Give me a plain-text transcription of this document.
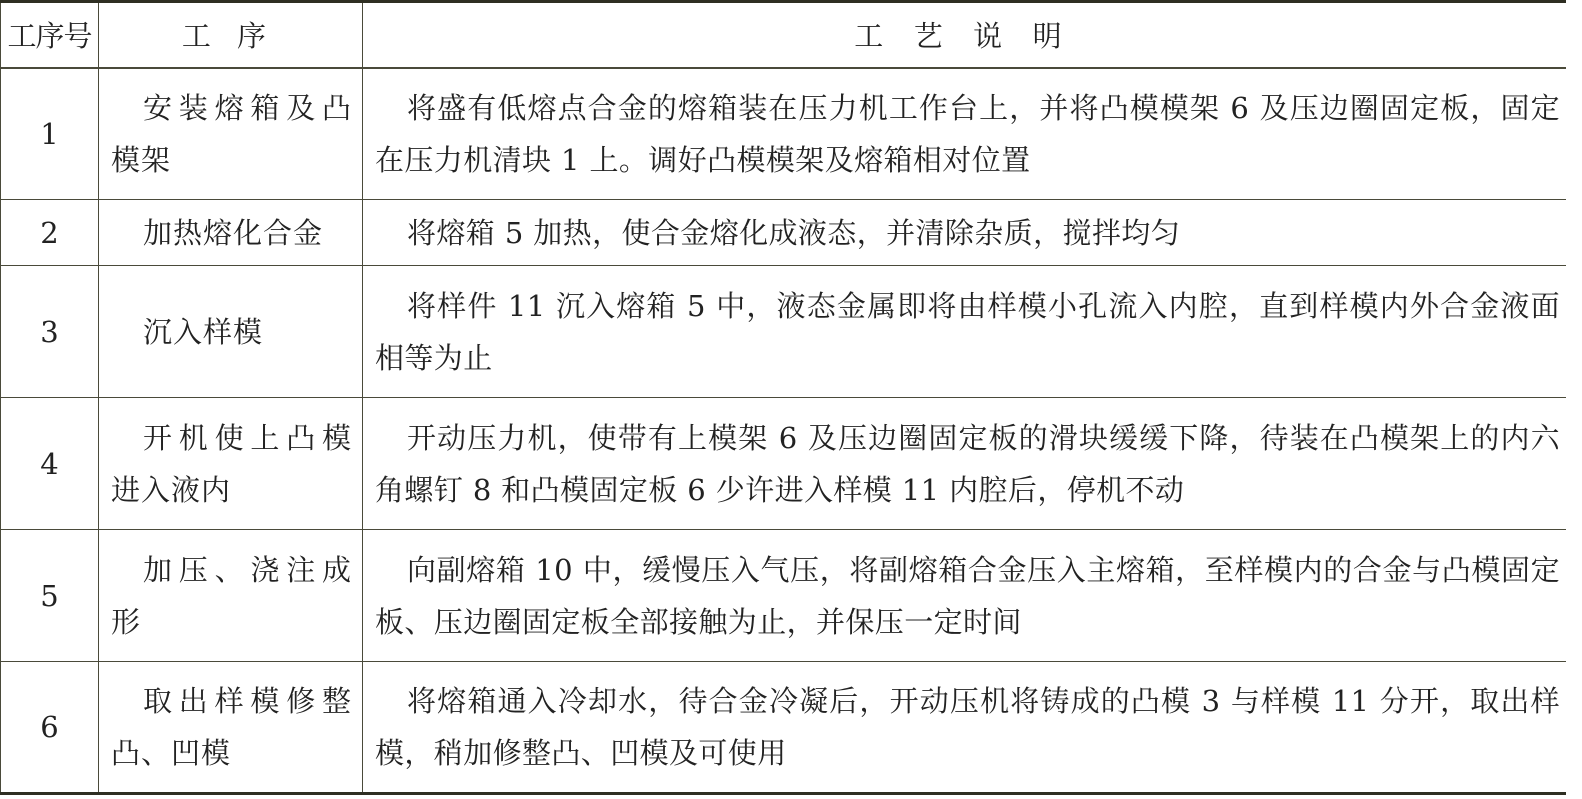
工序号	工序	工艺说明
1	安装熔箱及凸模架	将盛有低熔点合金的熔箱装在压力机工作台上，并将凸模模架 6 及压边圈固定板，固定在压力机清块 1 上。调好凸模模架及熔箱相对位置
2	加热熔化合金	将熔箱 5 加热，使合金熔化成液态，并清除杂质，搅拌均匀
3	沉入样模	将样件 11 沉入熔箱 5 中，液态金属即将由样模小孔流入内腔，直到样模内外合金液面相等为止
4	开机使上凸模进入液内	开动压力机，使带有上模架 6 及压边圈固定板的滑块缓缓下降，待装在凸模架上的内六角螺钉 8 和凸模固定板 6 少许进入样模 11 内腔后，停机不动
5	加压、浇注成形	向副熔箱 10 中，缓慢压入气压，将副熔箱合金压入主熔箱，至样模内的合金与凸模固定板、压边圈固定板全部接触为止，并保压一定时间
6	取出样模修整凸、凹模	将熔箱通入冷却水，待合金冷凝后，开动压机将铸成的凸模 3 与样模 11 分开，取出样模，稍加修整凸、凹模及可使用
